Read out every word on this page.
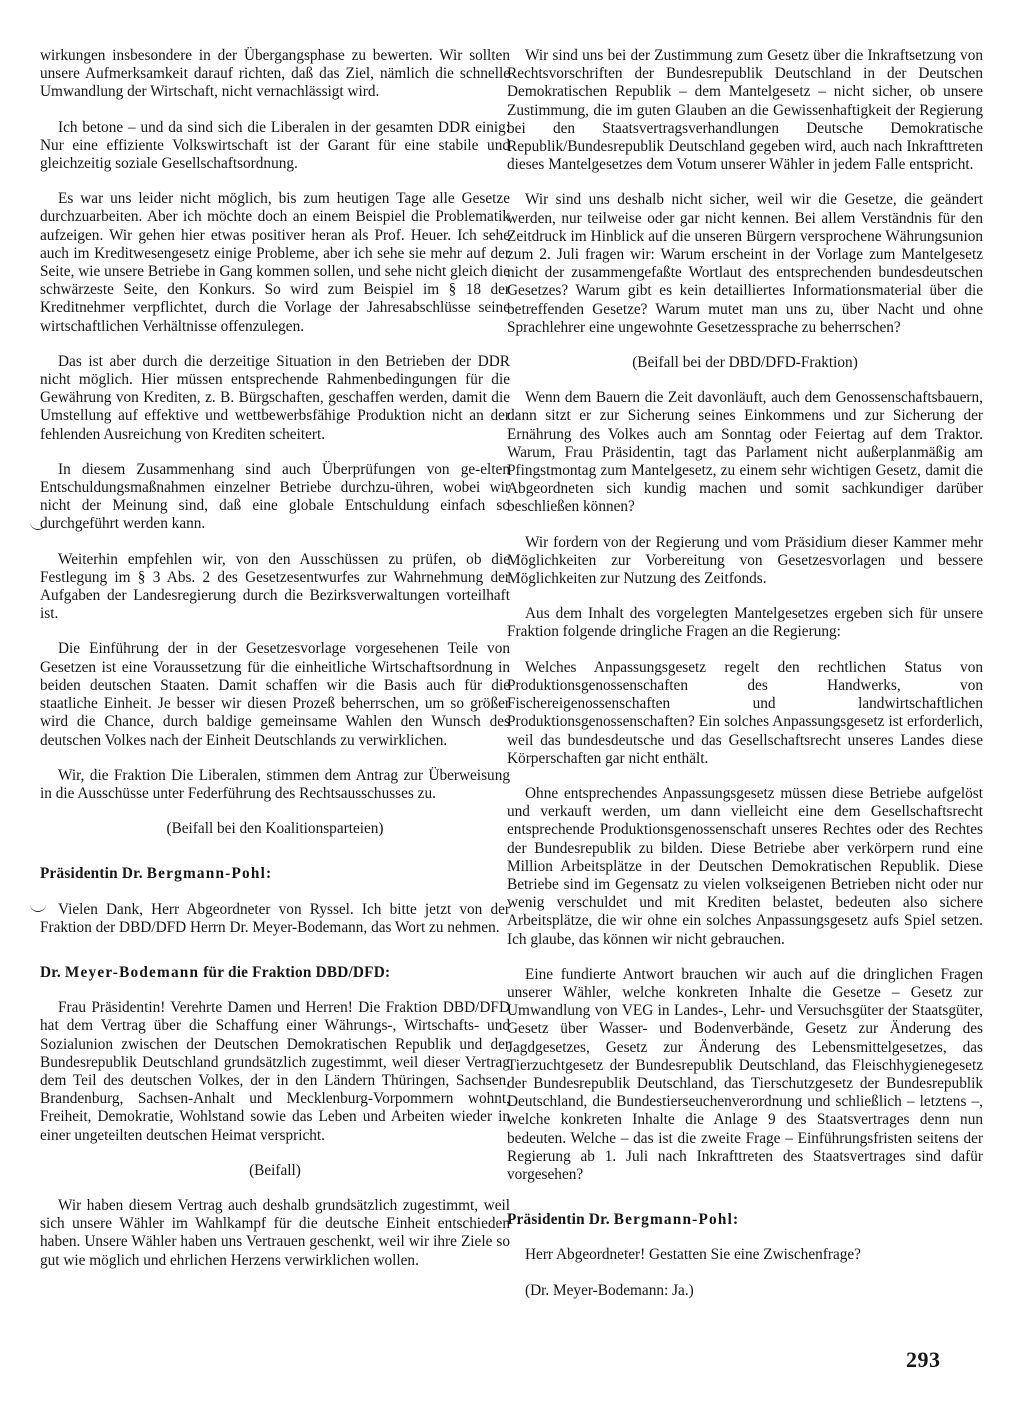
wirkungen insbesondere in der Übergangsphase zu bewerten. Wir sollten unsere Aufmerksamkeit darauf richten, daß das Ziel, nämlich die schnelle Umwandlung der Wirtschaft, nicht vernachlässigt wird.

Ich betone – und da sind sich die Liberalen in der gesamten DDR einig: Nur eine effiziente Volkswirtschaft ist der Garant für eine stabile und gleichzeitig soziale Gesellschaftsordnung.

Es war uns leider nicht möglich, bis zum heutigen Tage alle Gesetze durchzuarbeiten. Aber ich möchte doch an einem Beispiel die Problematik aufzeigen. Wir gehen hier etwas positiver heran als Prof. Heuer. Ich sehe auch im Kreditwesengesetz einige Probleme, aber ich sehe sie mehr auf der Seite, wie unsere Betriebe in Gang kommen sollen, und sehe nicht gleich die schwärzeste Seite, den Konkurs. So wird zum Beispiel im § 18 der Kreditnehmer verpflichtet, durch die Vorlage der Jahresabschlüsse seine wirtschaftlichen Verhältnisse offenzulegen.

Das ist aber durch die derzeitige Situation in den Betrieben der DDR nicht möglich. Hier müssen entsprechende Rahmenbedingungen für die Gewährung von Krediten, z. B. Bürgschaften, geschaffen werden, damit die Umstellung auf effektive und wettbewerbsfähige Produktion nicht an der fehlenden Ausreichung von Krediten scheitert.

In diesem Zusammenhang sind auch Überprüfungen von ge-elten Entschuldungsmaßnahmen einzelner Betriebe durchzu-ühren, wobei wir nicht der Meinung sind, daß eine globale Entschuldung einfach so durchgeführt werden kann.

Weiterhin empfehlen wir, von den Ausschüssen zu prüfen, ob die Festlegung im § 3 Abs. 2 des Gesetzesentwurfes zur Wahrnehmung der Aufgaben der Landesregierung durch die Bezirksverwaltungen vorteilhaft ist.

Die Einführung der in der Gesetzesvorlage vorgesehenen Teile von Gesetzen ist eine Voraussetzung für die einheitliche Wirtschaftsordnung in beiden deutschen Staaten. Damit schaffen wir die Basis auch für die staatliche Einheit. Je besser wir diesen Prozeß beherrschen, um so größer wird die Chance, durch baldige gemeinsame Wahlen den Wunsch des deutschen Volkes nach der Einheit Deutschlands zu verwirklichen.

Wir, die Fraktion Die Liberalen, stimmen dem Antrag zur Überweisung in die Ausschüsse unter Federführung des Rechtsausschusses zu.

(Beifall bei den Koalitionsparteien)

Präsidentin Dr. Bergmann-Pohl:

Vielen Dank, Herr Abgeordneter von Ryssel. Ich bitte jetzt von der Fraktion der DBD/DFD Herrn Dr. Meyer-Bodemann, das Wort zu nehmen.

Dr. Meyer-Bodemann für die Fraktion DBD/DFD:

Frau Präsidentin! Verehrte Damen und Herren! Die Fraktion DBD/DFD hat dem Vertrag über die Schaffung einer Währungs-, Wirtschafts- und Sozialunion zwischen der Deutschen Demokratischen Republik und der Bundesrepublik Deutschland grundsätzlich zugestimmt, weil dieser Vertrag dem Teil des deutschen Volkes, der in den Ländern Thüringen, Sachsen, Brandenburg, Sachsen-Anhalt und Mecklenburg-Vorpommern wohnt, Freiheit, Demokratie, Wohlstand sowie das Leben und Arbeiten wieder in einer ungeteilten deutschen Heimat verspricht.

(Beifall)

Wir haben diesem Vertrag auch deshalb grundsätzlich zugestimmt, weil sich unsere Wähler im Wahlkampf für die deutsche Einheit entschieden haben. Unsere Wähler haben uns Vertrauen geschenkt, weil wir ihre Ziele so gut wie möglich und ehrlichen Herzens verwirklichen wollen.

Wir sind uns bei der Zustimmung zum Gesetz über die Inkraftsetzung von Rechtsvorschriften der Bundesrepublik Deutschland in der Deutschen Demokratischen Republik – dem Mantelgesetz – nicht sicher, ob unsere Zustimmung, die im guten Glauben an die Gewissenhaftigkeit der Regierung bei den Staatsvertragsverhandlungen Deutsche Demokratische Republik/Bundesrepublik Deutschland gegeben wird, auch nach Inkrafttreten dieses Mantelgesetzes dem Votum unserer Wähler in jedem Falle entspricht.

Wir sind uns deshalb nicht sicher, weil wir die Gesetze, die geändert werden, nur teilweise oder gar nicht kennen. Bei allem Verständnis für den Zeitdruck im Hinblick auf die unseren Bürgern versprochene Währungsunion zum 2. Juli fragen wir: Warum erscheint in der Vorlage zum Mantelgesetz nicht der zusammengefaßte Wortlaut des entsprechenden bundesdeutschen Gesetzes? Warum gibt es kein detailliertes Informationsmaterial über die betreffenden Gesetze? Warum mutet man uns zu, über Nacht und ohne Sprachlehrer eine ungewohnte Gesetzessprache zu beherrschen?

(Beifall bei der DBD/DFD-Fraktion)

Wenn dem Bauern die Zeit davonläuft, auch dem Genossenschaftsbauern, dann sitzt er zur Sicherung seines Einkommens und zur Sicherung der Ernährung des Volkes auch am Sonntag oder Feiertag auf dem Traktor. Warum, Frau Präsidentin, tagt das Parlament nicht außerplanmäßig am Pfingstmontag zum Mantelgesetz, zu einem sehr wichtigen Gesetz, damit die Abgeordneten sich kundig machen und somit sachkundiger darüber beschließen können?

Wir fordern von der Regierung und vom Präsidium dieser Kammer mehr Möglichkeiten zur Vorbereitung von Gesetzesvorlagen und bessere Möglichkeiten zur Nutzung des Zeitfonds.

Aus dem Inhalt des vorgelegten Mantelgesetzes ergeben sich für unsere Fraktion folgende dringliche Fragen an die Regierung:

Welches Anpassungsgesetz regelt den rechtlichen Status von Produktionsgenossenschaften des Handwerks, von Fischereigenossenschaften und landwirtschaftlichen Produktionsgenossenschaften? Ein solches Anpassungsgesetz ist erforderlich, weil das bundesdeutsche und das Gesellschaftsrecht unseres Landes diese Körperschaften gar nicht enthält.

Ohne entsprechendes Anpassungsgesetz müssen diese Betriebe aufgelöst und verkauft werden, um dann vielleicht eine dem Gesellschaftsrecht entsprechende Produktionsgenossenschaft unseres Rechtes oder des Rechtes der Bundesrepublik zu bilden. Diese Betriebe aber verkörpern rund eine Million Arbeitsplätze in der Deutschen Demokratischen Republik. Diese Betriebe sind im Gegensatz zu vielen volkseigenen Betrieben nicht oder nur wenig verschuldet und mit Krediten belastet, bedeuten also sichere Arbeitsplätze, die wir ohne ein solches Anpassungsgesetz aufs Spiel setzen. Ich glaube, das können wir nicht gebrauchen.

Eine fundierte Antwort brauchen wir auch auf die dringlichen Fragen unserer Wähler, welche konkreten Inhalte die Gesetze – Gesetz zur Umwandlung von VEG in Landes-, Lehr- und Versuchsgüter der Staatsgüter, Gesetz über Wasser- und Bodenverbände, Gesetz zur Änderung des Jagdgesetzes, Gesetz zur Änderung des Lebensmittelgesetzes, das Tierzuchtgesetz der Bundesrepublik Deutschland, das Fleischhygienegesetz der Bundesrepublik Deutschland, das Tierschutzgesetz der Bundesrepublik Deutschland, die Bundestierseuchenverordnung und schließlich – letztens –, welche konkreten Inhalte die Anlage 9 des Staatsvertrages denn nun bedeuten. Welche – das ist die zweite Frage – Einführungsfristen seitens der Regierung ab 1. Juli nach Inkrafttreten des Staatsvertrages sind dafür vorgesehen?

Präsidentin Dr. Bergmann-Pohl:

Herr Abgeordneter! Gestatten Sie eine Zwischenfrage?

(Dr. Meyer-Bodemann: Ja.)

293
